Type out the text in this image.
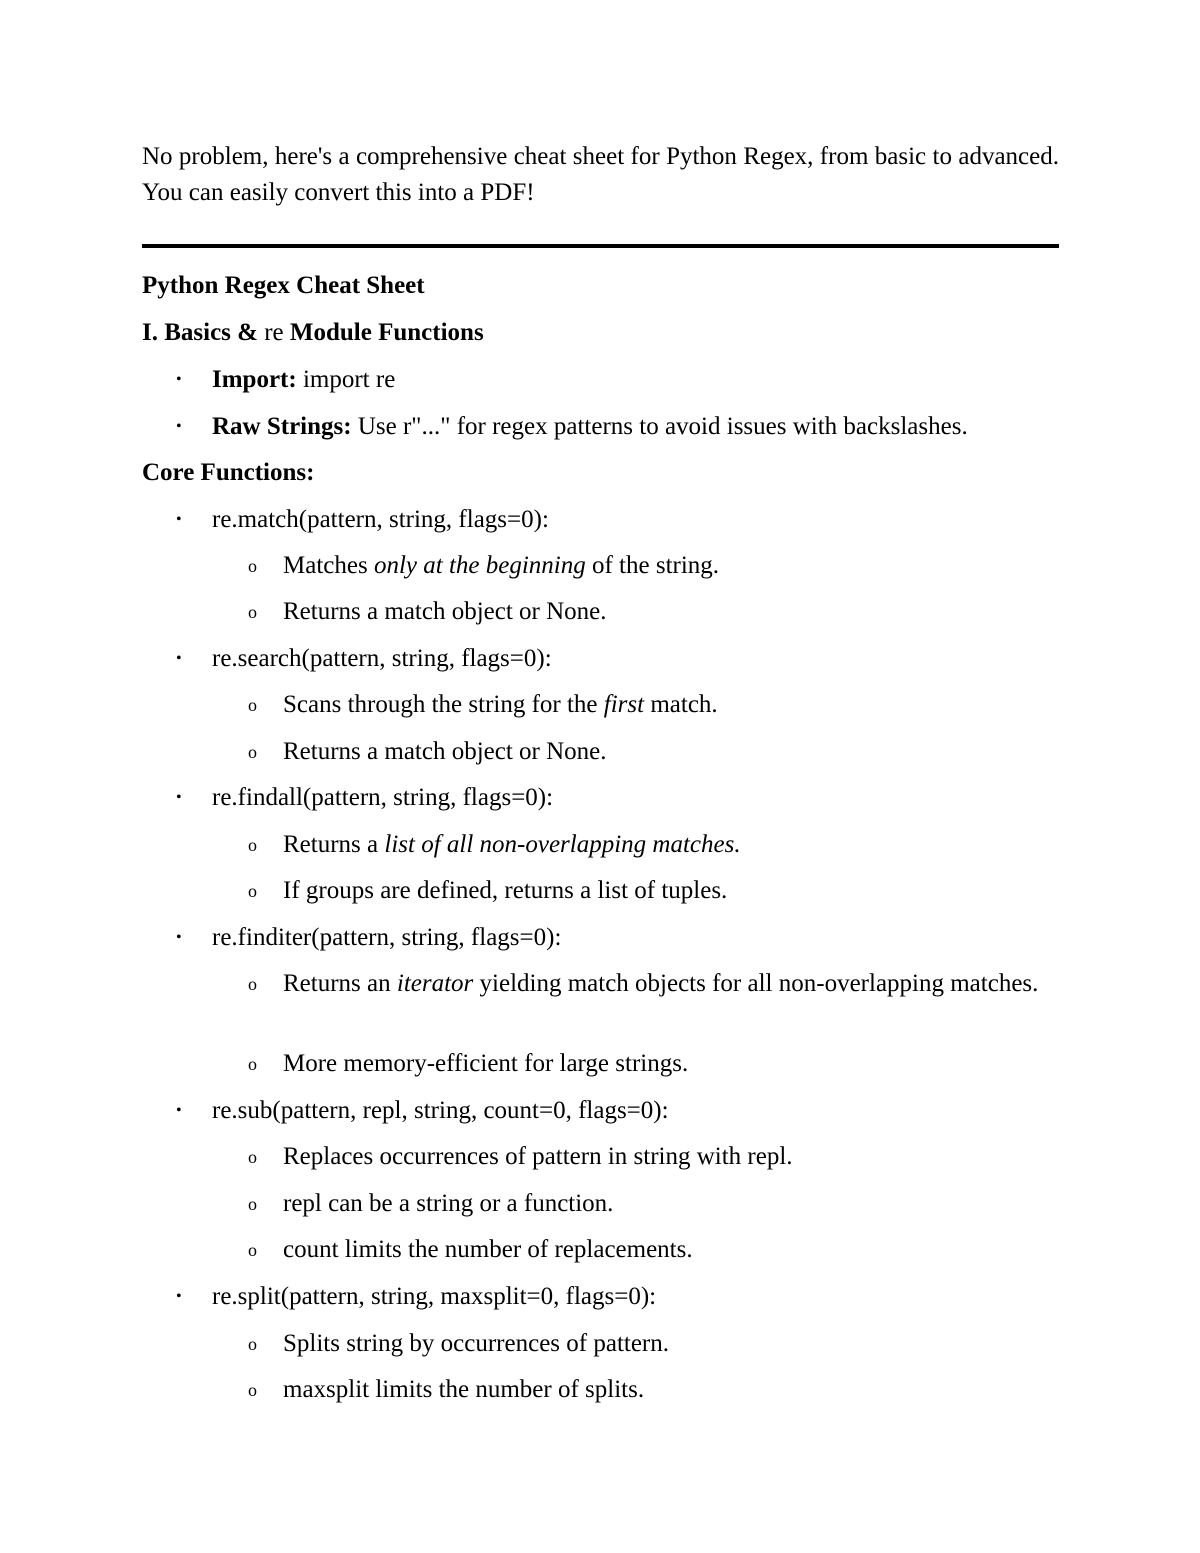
No problem, here's a comprehensive cheat sheet for Python Regex, from basic to advanced. You can easily convert this into a PDF!
Python Regex Cheat Sheet
I. Basics & re Module Functions
• Import: import re
• Raw Strings: Use r"..." for regex patterns to avoid issues with backslashes.
Core Functions:
• re.match(pattern, string, flags=0):
o Matches only at the beginning of the string.
o Returns a match object or None.
• re.search(pattern, string, flags=0):
o Scans through the string for the first match.
o Returns a match object or None.
• re.findall(pattern, string, flags=0):
o Returns a list of all non-overlapping matches.
o If groups are defined, returns a list of tuples.
• re.finditer(pattern, string, flags=0):
o Returns an iterator yielding match objects for all non-overlapping matches.
o More memory-efficient for large strings.
• re.sub(pattern, repl, string, count=0, flags=0):
o Replaces occurrences of pattern in string with repl.
o repl can be a string or a function.
o count limits the number of replacements.
• re.split(pattern, string, maxsplit=0, flags=0):
o Splits string by occurrences of pattern.
o maxsplit limits the number of splits.
